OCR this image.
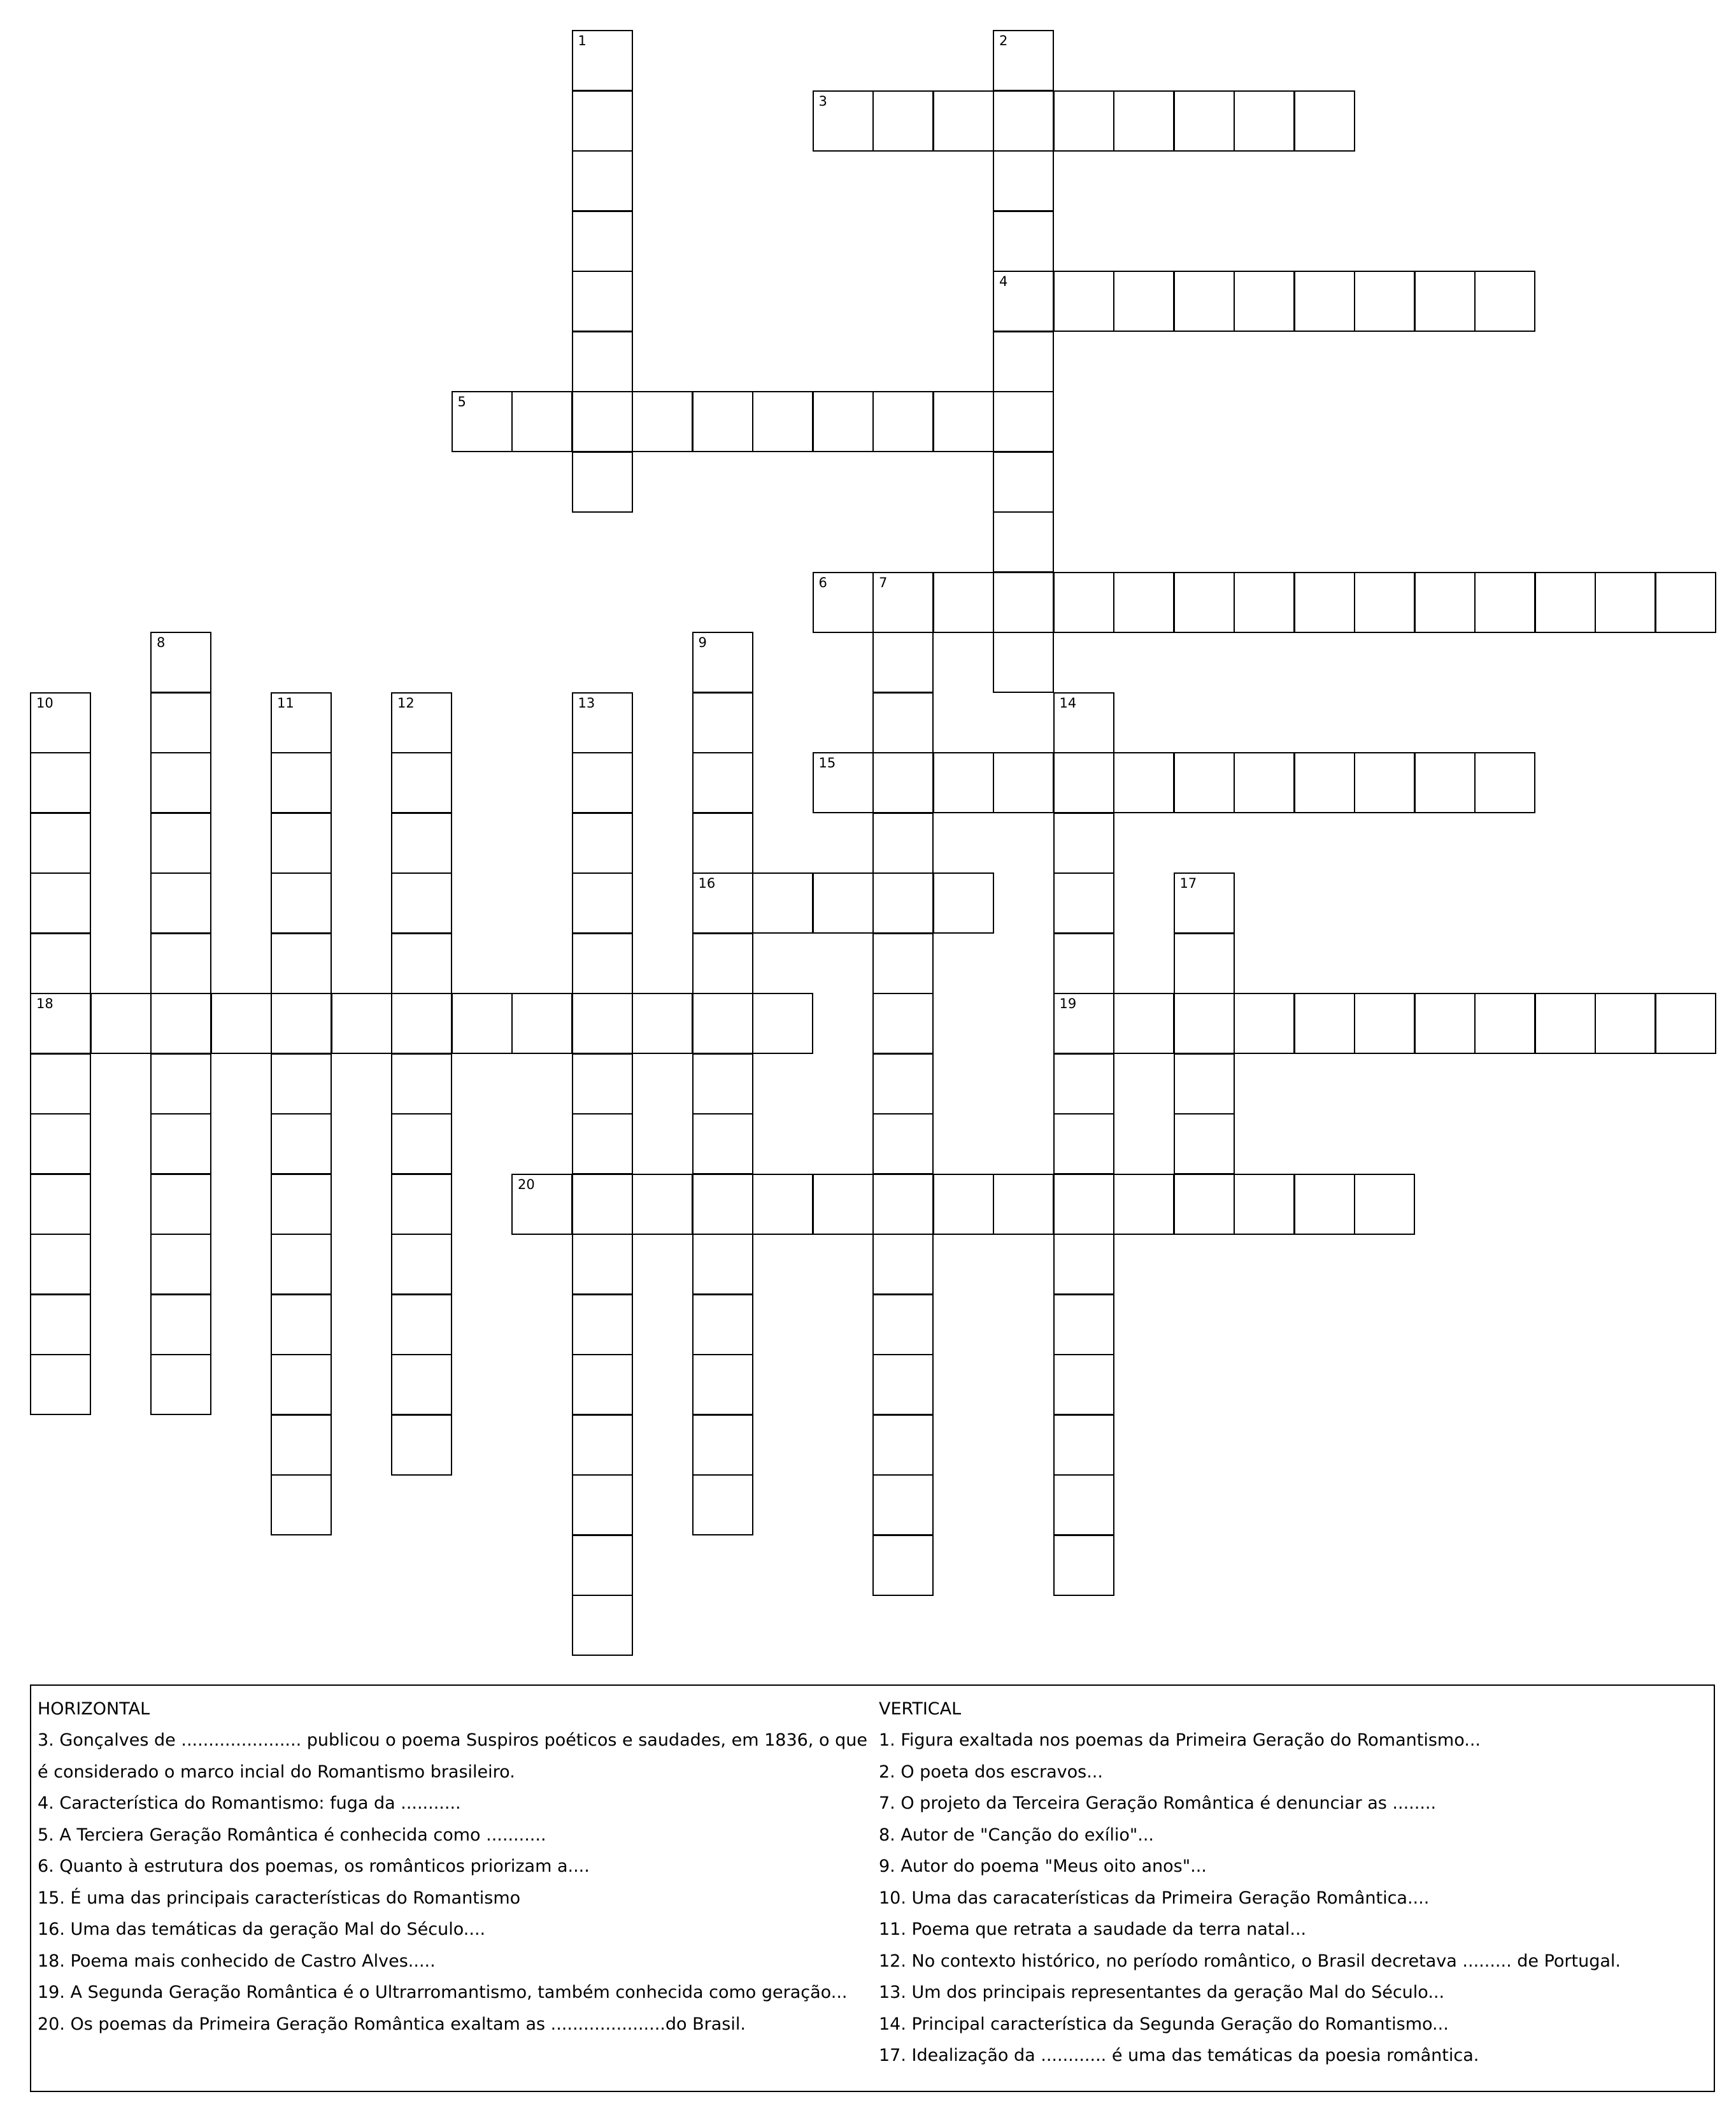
3
4
5
6	7
15
16
18	19
20
1	2
8	9
10	11	12	13	14
17
HORIZONTAL
3. Gonçalves de ...................... publicou o poema Suspiros poéticos e saudades, em 1836, o que é considerado o marco incial do Romantismo brasileiro.
4. Característica do Romantismo: fuga da ...........
5. A Terciera Geração Romântica é conhecida como ...........
6. Quanto à estrutura dos poemas, os românticos priorizam a....
15. É uma das principais características do Romantismo
16. Uma das temáticas da geração Mal do Século....
18. Poema mais conhecido de Castro Alves.....
19. A Segunda Geração Romântica é o Ultrarromantismo, também conhecida como geração...
20. Os poemas da Primeira Geração Romântica exaltam as .....................do Brasil.
VERTICAL
1. Figura exaltada nos poemas da Primeira Geração do Romantismo...
2. O poeta dos escravos...
7. O projeto da Terceira Geração Romântica é denunciar as ........
8. Autor de "Canção do exílio"...
9. Autor do poema "Meus oito anos"...
10. Uma das caracaterísticas da Primeira Geração Romântica....
11. Poema que retrata a saudade da terra natal...
12. No contexto histórico, no período romântico, o Brasil decretava ......... de Portugal.
13. Um dos principais representantes da geração Mal do Século...
14. Principal característica da Segunda Geração do Romantismo...
17. Idealização da ............ é uma das temáticas da poesia romântica.
